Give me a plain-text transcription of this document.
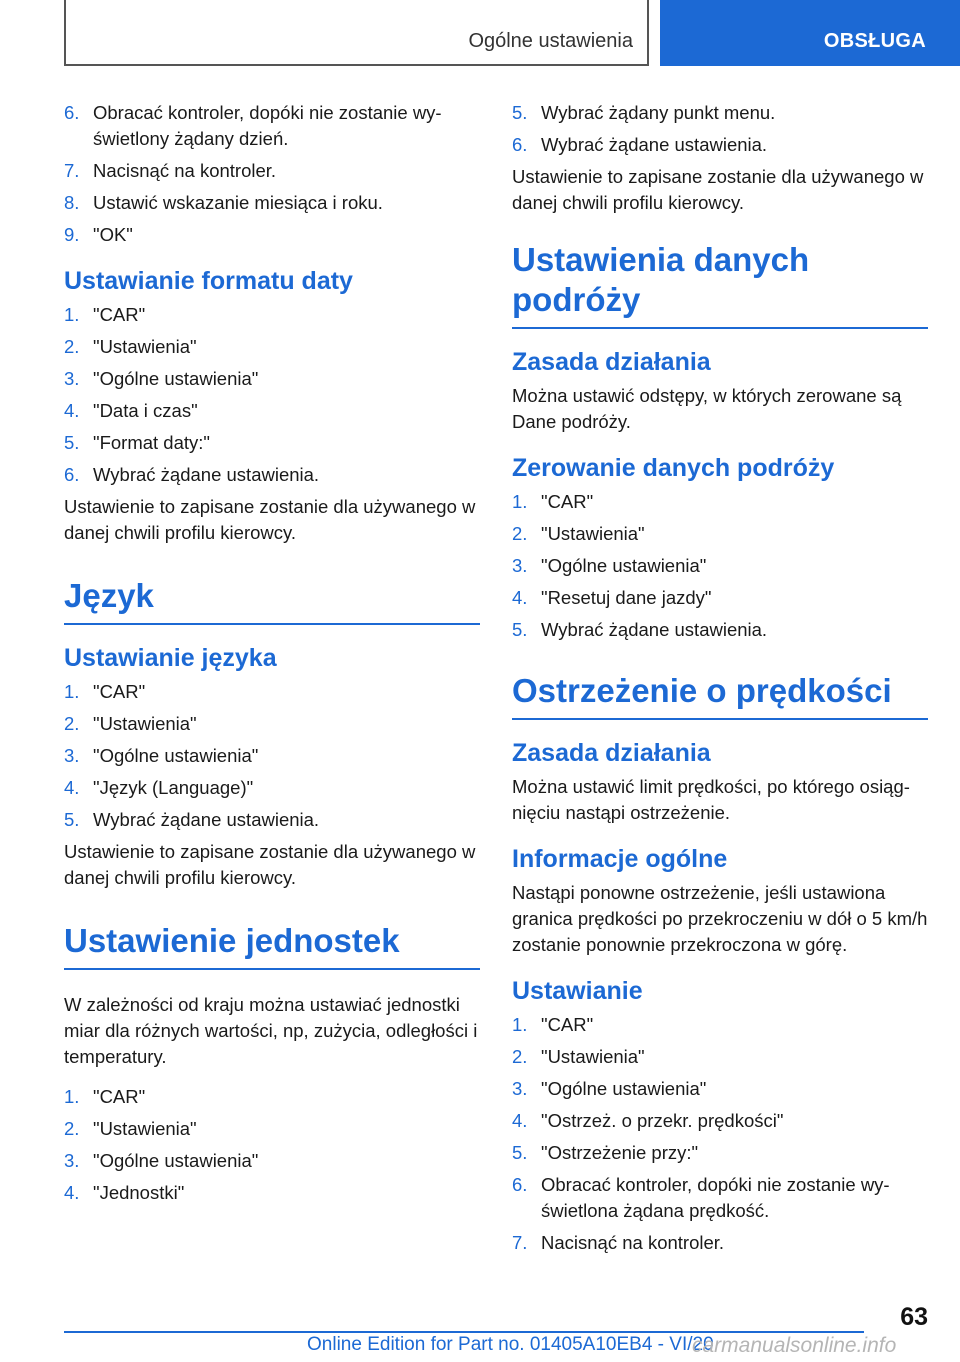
Ogólne ustawienia	OBSŁUGA
6. Obracać kontroler, dopóki nie zostanie wy‐świetlony żądany dzień.
7. Nacisnąć na kontroler.
8. Ustawić wskazanie miesiąca i roku.
9. "OK"
Ustawianie formatu daty
1. "CAR"
2. "Ustawienia"
3. "Ogólne ustawienia"
4. "Data i czas"
5. "Format daty:"
6. Wybrać żądane ustawienia.

Ustawienie to zapisane zostanie dla używanego w danej chwili profilu kierowcy.

Język
Ustawianie języka
1. "CAR"
2. "Ustawienia"
3. "Ogólne ustawienia"
4. "Język (Language)"
5. Wybrać żądane ustawienia.

Ustawienie to zapisane zostanie dla używanego w danej chwili profilu kierowcy.

Ustawienie jednostek

W zależności od kraju można ustawiać jednostki miar dla różnych wartości, np, zużycia, odległości i temperatury.

1. "CAR"
2. "Ustawienia"
3. "Ogólne ustawienia"
4. "Jednostki"
5. Wybrać żądany punkt menu.
6. Wybrać żądane ustawienia.

Ustawienie to zapisane zostanie dla używanego w danej chwili profilu kierowcy.

Ustawienia danych podróży
Zasada działania

Można ustawić odstępy, w których zerowane są Dane podróży.

Zerowanie danych podróży
1. "CAR"
2. "Ustawienia"
3. "Ogólne ustawienia"
4. "Resetuj dane jazdy"
5. Wybrać żądane ustawienia.
Ostrzeżenie o prędkości
Zasada działania

Można ustawić limit prędkości, po którego osiąg‐nięciu nastąpi ostrzeżenie.

Informacje ogólne

Nastąpi ponowne ostrzeżenie, jeśli ustawiona granica prędkości po przekroczeniu w dół o 5 km/h zostanie ponownie przekroczona w górę.

Ustawianie
1. "CAR"
2. "Ustawienia"
3. "Ogólne ustawienia"
4. "Ostrzeż. o przekr. prędkości"
5. "Ostrzeżenie przy:"
6. Obracać kontroler, dopóki nie zostanie wy‐świetlona żądana prędkość.
7. Nacisnąć na kontroler.
63
Online Edition for Part no. 01405A10EB4 - VI/20
carmanualsonline.info
